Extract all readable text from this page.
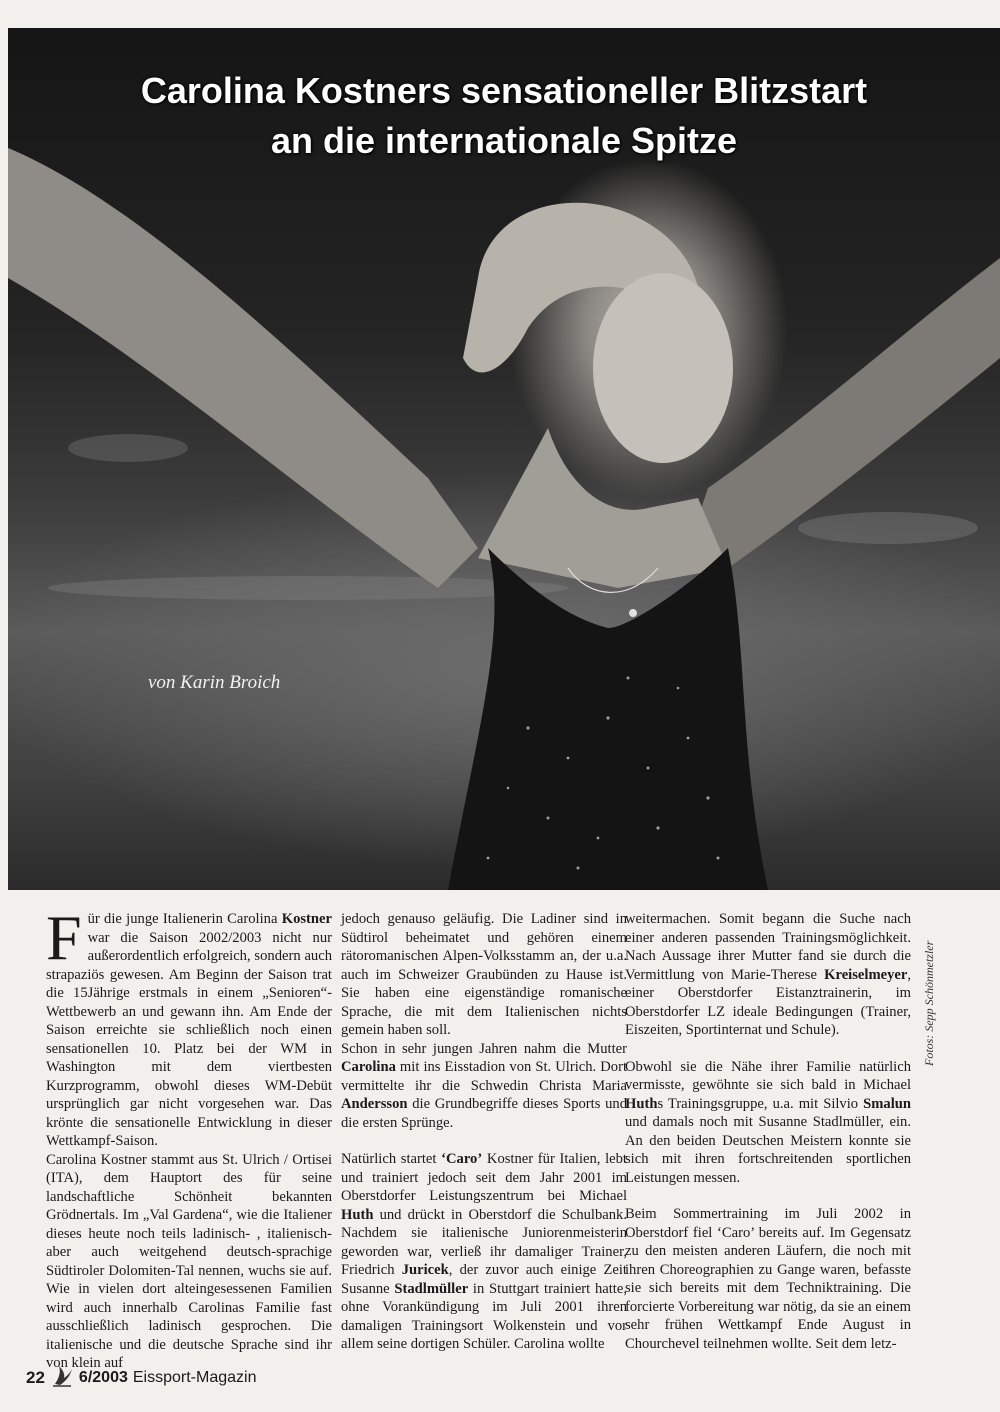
Carolina Kostners sensationeller Blitzstart
an die internationale Spitze
von Karin Broich

Für die junge Italienerin Carolina Kostner war die Saison 2002/2003 nicht nur außerordentlich erfolgreich, sondern auch strapaziös gewesen. Am Beginn der Saison trat die 15Jährige erstmals in einem „Senioren“-Wettbewerb an und gewann ihn. Am Ende der Saison erreichte sie schließlich noch einen sensationellen 10. Platz bei der WM in Washington mit dem viertbesten Kurzprogramm, obwohl dieses WM-Debüt ursprünglich gar nicht vorgesehen war. Das krönte die sensationelle Entwicklung in dieser Wettkampf-Saison.

Carolina Kostner stammt aus St. Ulrich / Ortisei (ITA), dem Hauptort des für seine landschaftliche Schönheit bekannten Grödnertals. Im „Val Gardena“, wie die Italiener dieses heute noch teils ladinisch- , italienisch- aber auch weitgehend deutsch-sprachige Südtiroler Dolomiten-Tal nennen, wuchs sie auf. Wie in vielen dort alteingesessenen Familien wird auch innerhalb Carolinas Familie fast ausschließlich ladinisch gesprochen. Die italienische und die deutsche Sprache sind ihr von klein auf

jedoch genauso geläufig. Die Ladiner sind in Südtirol beheimatet und gehören einem rätoromanischen Alpen-Volksstamm an, der u.a. auch im Schweizer Graubünden zu Hause ist. Sie haben eine eigenständige romanische Sprache, die mit dem Italienischen nichts gemein haben soll.

Schon in sehr jungen Jahren nahm die Mutter Carolina mit ins Eisstadion von St. Ulrich. Dort vermittelte ihr die Schwedin Christa Maria Andersson die Grundbegriffe dieses Sports und die ersten Sprünge.

Natürlich startet ‘Caro’ Kostner für Italien, lebt und trainiert jedoch seit dem Jahr 2001 im Oberstdorfer Leistungszentrum bei Michael Huth und drückt in Oberstdorf die Schulbank. Nachdem sie italienische Juniorenmeisterin geworden war, verließ ihr damaliger Trainer, Friedrich Juricek, der zuvor auch einige Zeit Susanne Stadlmüller in Stuttgart trainiert hatte, ohne Vorankündigung im Juli 2001 ihren damaligen Trainingsort Wolkenstein und vor allem seine dortigen Schüler. Carolina wollte

weitermachen. Somit begann die Suche nach einer anderen passenden Trainingsmöglichkeit. Nach Aussage ihrer Mutter fand sie durch die Vermittlung von Marie-Therese Kreiselmeyer, einer Oberstdorfer Eistanztrainerin, im Oberstdorfer LZ ideale Bedingungen (Trainer, Eiszeiten, Sportinternat und Schule).

Obwohl sie die Nähe ihrer Familie natürlich vermisste, gewöhnte sie sich bald in Michael Huths Trainingsgruppe, u.a. mit Silvio Smalun und damals noch mit Susanne Stadlmüller, ein. An den beiden Deutschen Meistern konnte sie sich mit ihren fortschreitenden sportlichen Leistungen messen.

Beim Sommertraining im Juli 2002 in Oberstdorf fiel ‘Caro’ bereits auf. Im Gegensatz zu den meisten anderen Läufern, die noch mit ihren Choreographien zu Gange waren, befasste sie sich bereits mit dem Techniktraining. Die forcierte Vorbereitung war nötig, da sie an einem sehr frühen Wettkampf Ende August in Chourchevel teilnehmen wollte. Seit dem letz-

Fotos: Sepp Schönmetzler
22 6/2003 Eissport-Magazin
